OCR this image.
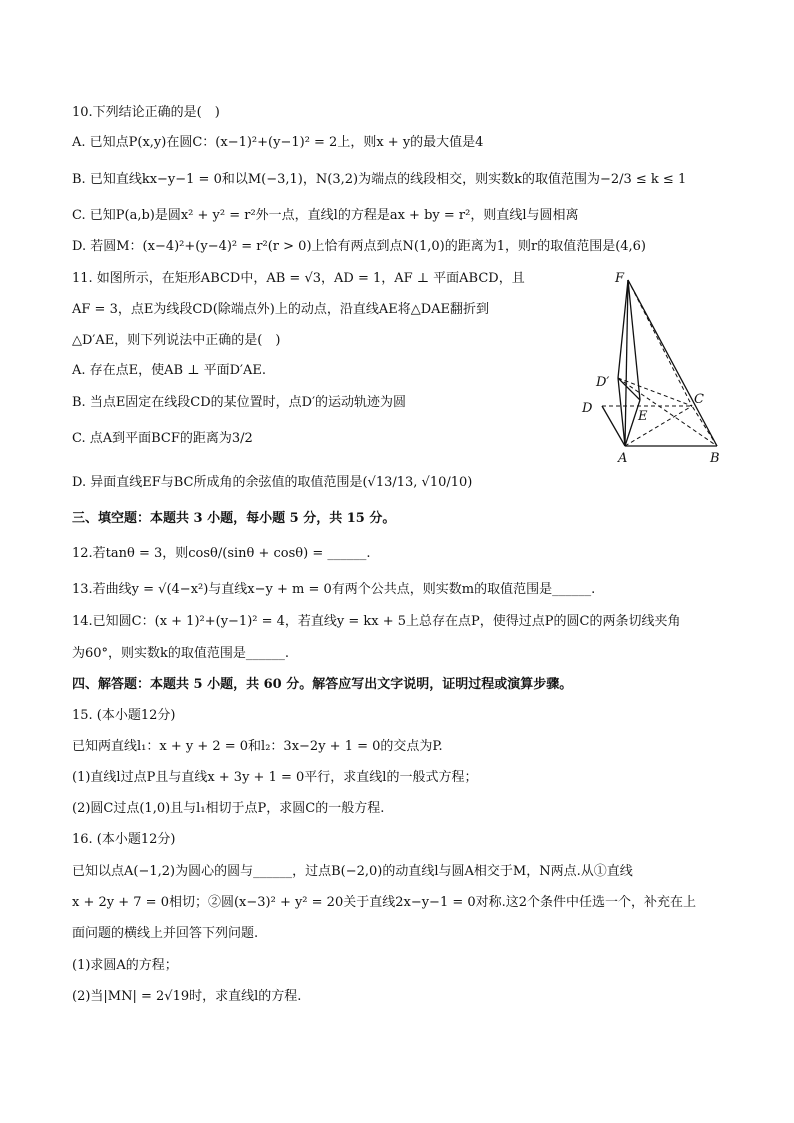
10.下列结论正确的是(　)
A. 已知点P(x,y)在圆C：(x−1)²+(y−1)² = 2上，则x + y的最大值是4
B. 已知直线kx−y−1 = 0和以M(−3,1)，N(3,2)为端点的线段相交，则实数k的取值范围为−2/3 ≤ k ≤ 1
C. 已知P(a,b)是圆x² + y² = r²外一点，直线l的方程是ax + by = r²，则直线l与圆相离
D. 若圆M：(x−4)²+(y−4)² = r²(r > 0)上恰有两点到点N(1,0)的距离为1，则r的取值范围是(4,6)
11. 如图所示，在矩形ABCD中，AB = √3，AD = 1，AF ⊥ 平面ABCD，且
AF = 3，点E为线段CD(除端点外)上的动点，沿直线AE将△DAE翻折到
△D′AE，则下列说法中正确的是(　)
A. 存在点E，使AB ⊥ 平面D′AE.
B. 当点E固定在线段CD的某位置时，点D′的运动轨迹为圆
C. 点A到平面BCF的距离为3/2
D. 异面直线EF与BC所成角的余弦值的取值范围是(√13/13, √10/10)
三、填空题：本题共 3 小题，每小题 5 分，共 15 分。
12.若tanθ = 3，则cosθ/(sinθ + cosθ) = ______.
13.若曲线y = √(4−x²)与直线x−y + m = 0有两个公共点，则实数m的取值范围是______.
14.已知圆C：(x + 1)²+(y−1)² = 4，若直线y = kx + 5上总存在点P，使得过点P的圆C的两条切线夹角
为60°，则实数k的取值范围是______.
四、解答题：本题共 5 小题，共 60 分。解答应写出文字说明，证明过程或演算步骤。
15. (本小题12分)
已知两直线l₁：x + y + 2 = 0和l₂：3x−2y + 1 = 0的交点为P.
(1)直线l过点P且与直线x + 3y + 1 = 0平行，求直线l的一般式方程；
(2)圆C过点(1,0)且与l₁相切于点P，求圆C的一般方程.
16. (本小题12分)
已知以点A(−1,2)为圆心的圆与______，过点B(−2,0)的动直线l与圆A相交于M，N两点.从①直线
x + 2y + 7 = 0相切；②圆(x−3)² + y² = 20关于直线2x−y−1 = 0对称.这2个条件中任选一个，补充在上
面问题的横线上并回答下列问题.
(1)求圆A的方程；
(2)当|MN| = 2√19时，求直线l的方程.
F
D′
D
C
E
A	B
